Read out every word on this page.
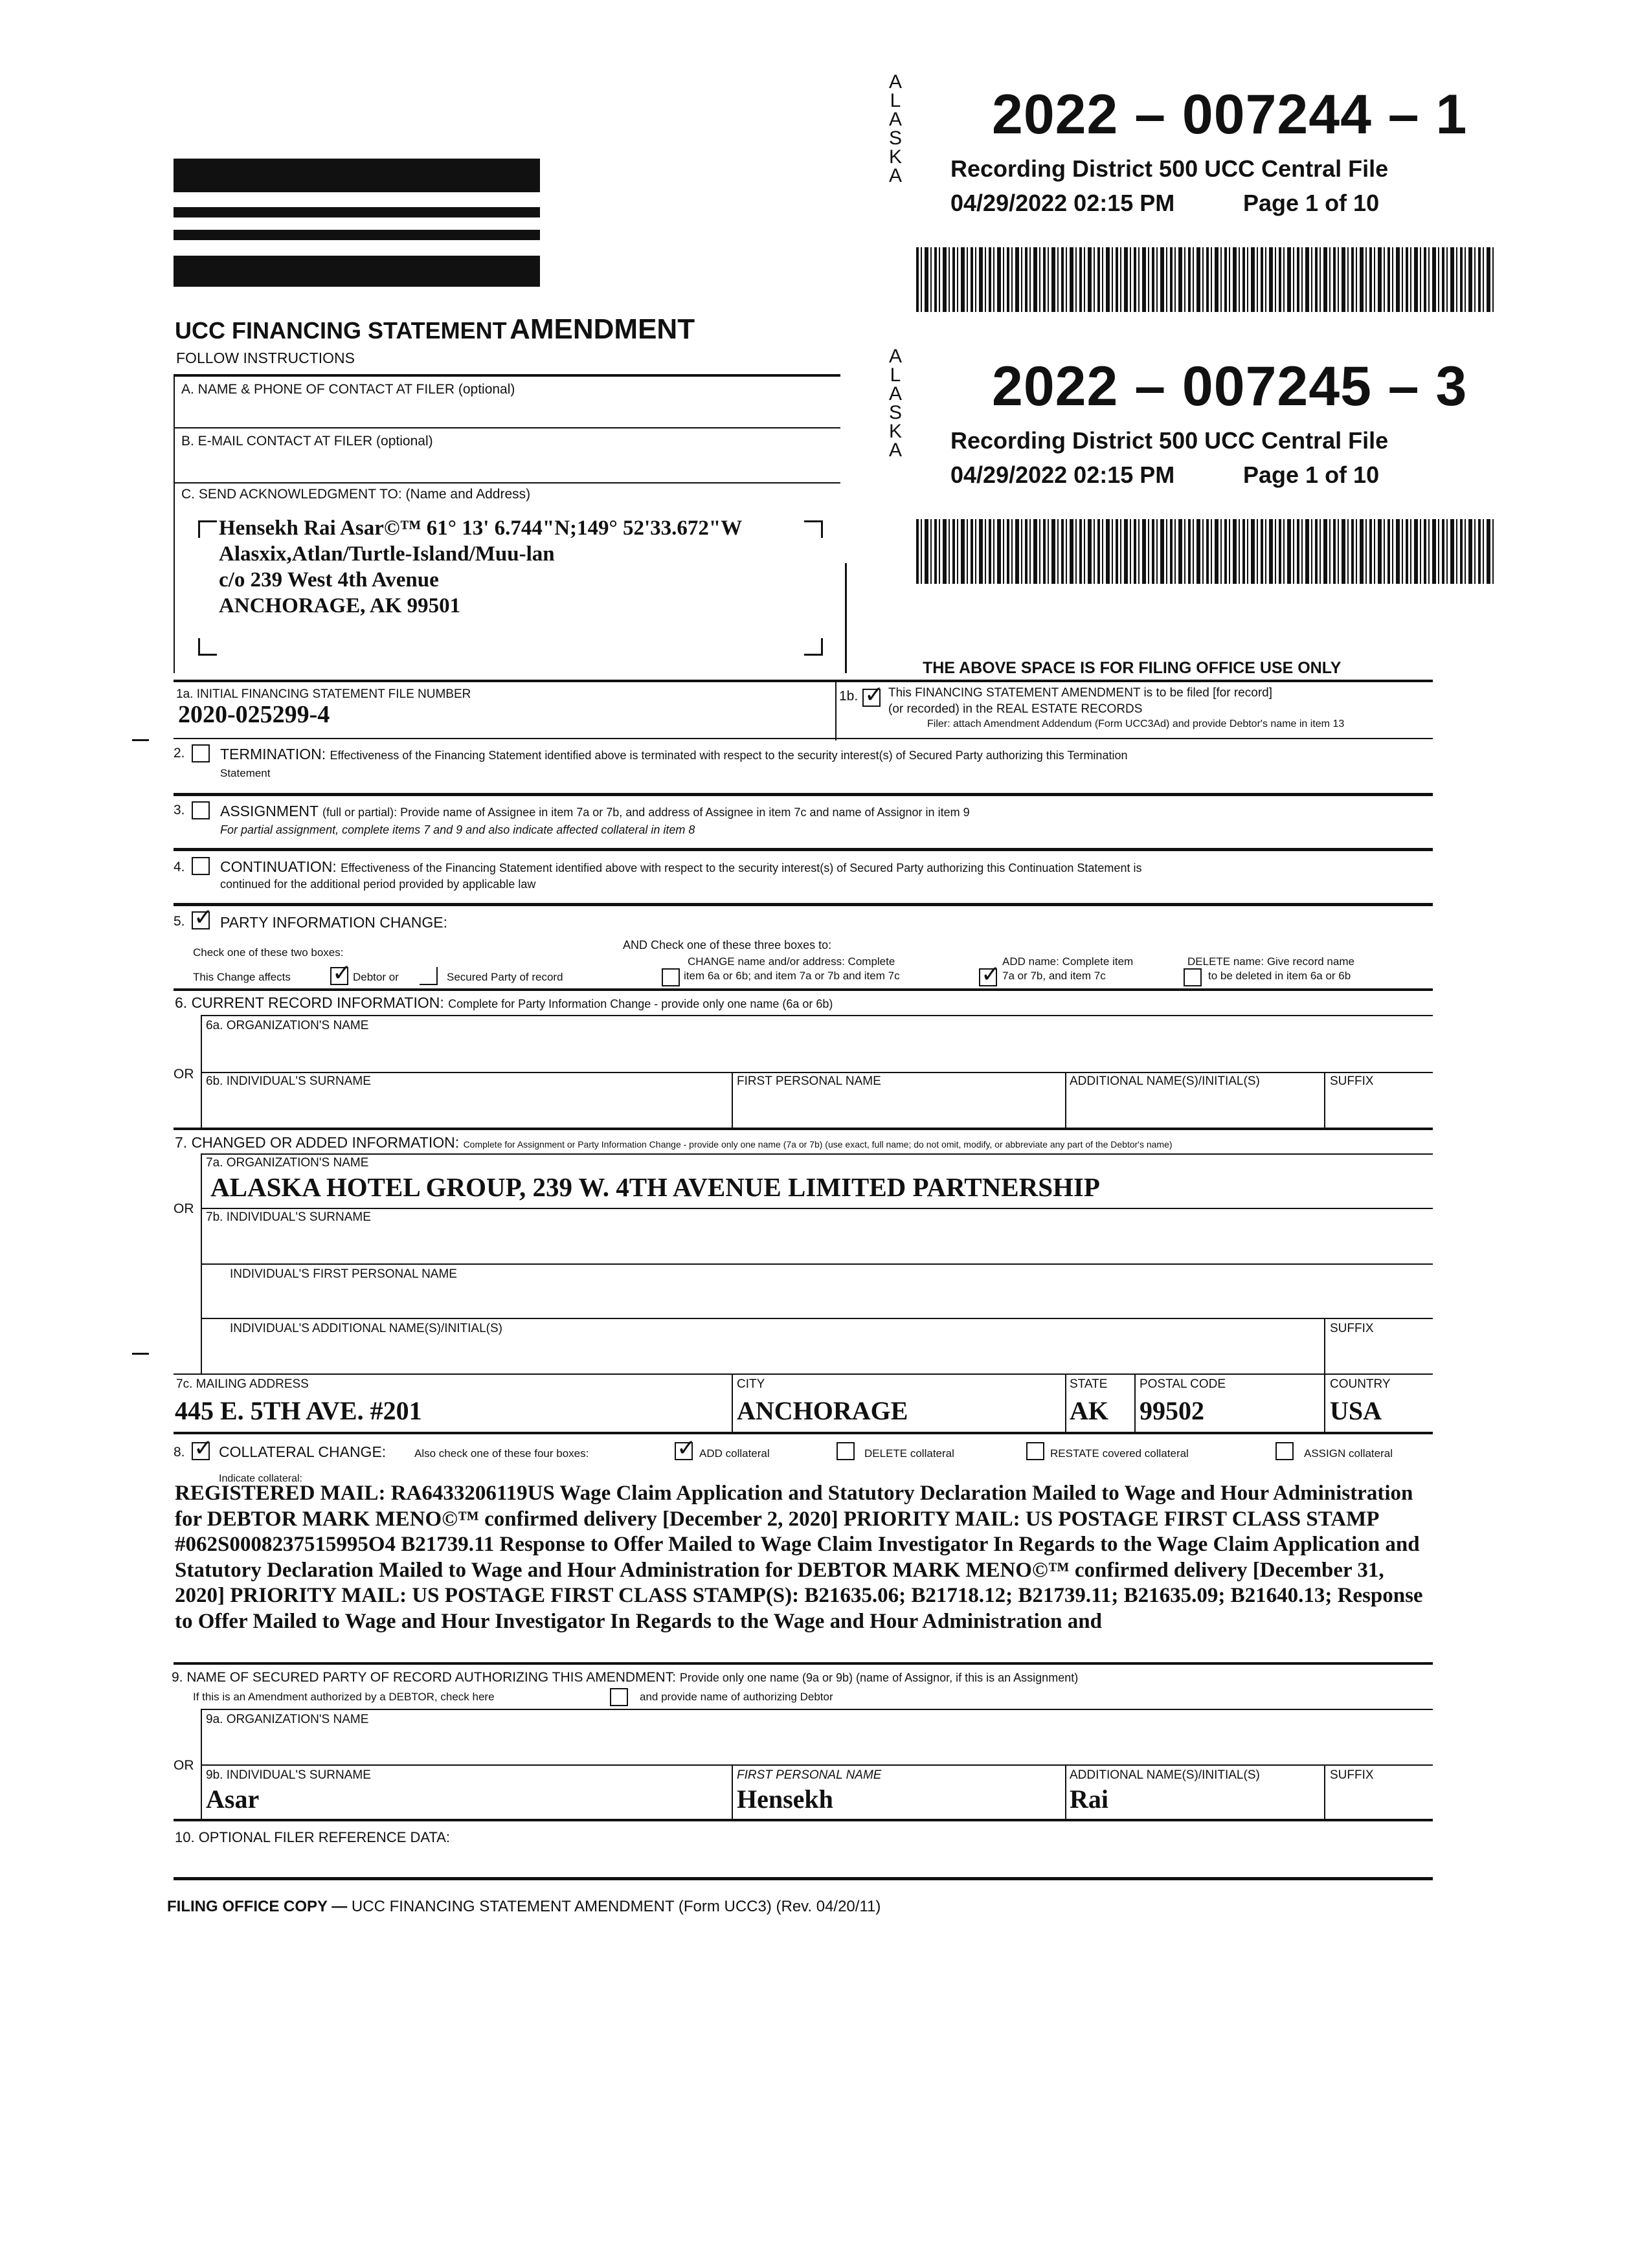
A
L
A
S
K
A
2022 – 007244 – 1
Recording District 500 UCC Central File
04/29/2022 02:15 PM	Page 1 of 10
A
L
A
S
K
A
2022 – 007245 – 3
Recording District 500 UCC Central File
04/29/2022 02:15 PM	Page 1 of 10
UCC FINANCING STATEMENT AMENDMENT
FOLLOW INSTRUCTIONS
A. NAME & PHONE OF CONTACT AT FILER (optional)
B. E-MAIL CONTACT AT FILER (optional)
C. SEND ACKNOWLEDGMENT TO: (Name and Address)
Hensekh Rai Asar©™ 61° 13' 6.744"N;149° 52'33.672"W
Alasxix,Atlan/Turtle-Island/Muu-lan
c/o 239 West 4th Avenue
ANCHORAGE, AK 99501
THE ABOVE SPACE IS FOR FILING OFFICE USE ONLY
1a. INITIAL FINANCING STATEMENT FILE NUMBER
2020-025299-4
1b. ✓ This FINANCING STATEMENT AMENDMENT is to be filed [for record]
(or recorded) in the REAL ESTATE RECORDS
Filer: attach Amendment Addendum (Form UCC3Ad) and provide Debtor's name in item 13
2. TERMINATION: Effectiveness of the Financing Statement identified above is terminated with respect to the security interest(s) of Secured Party authorizing this Termination
Statement
3. ASSIGNMENT (full or partial): Provide name of Assignee in item 7a or 7b, and address of Assignee in item 7c and name of Assignor in item 9
For partial assignment, complete items 7 and 9 and also indicate affected collateral in item 8
4. CONTINUATION: Effectiveness of the Financing Statement identified above with respect to the security interest(s) of Secured Party authorizing this Continuation Statement is
continued for the additional period provided by applicable law
5. ✓ PARTY INFORMATION CHANGE:
Check one of these two boxes:
AND Check one of these three boxes to:
This Change affects ✓	Debtor or	Secured Party of record
CHANGE name and/or address: Complete
item 6a or 6b; and item 7a or 7b and item 7c
✓
ADD name: Complete item
7a or 7b, and item 7c
DELETE name: Give record name
to be deleted in item 6a or 6b
6. CURRENT RECORD INFORMATION: Complete for Party Information Change - provide only one name (6a or 6b)
6a. ORGANIZATION'S NAME
OR 6b. INDIVIDUAL'S SURNAME	FIRST PERSONAL NAME	ADDITIONAL NAME(S)/INITIAL(S)	SUFFIX
7. CHANGED OR ADDED INFORMATION: Complete for Assignment or Party Information Change - provide only one name (7a or 7b) (use exact, full name; do not omit, modify, or abbreviate any part of the Debtor's name)
7a. ORGANIZATION'S NAME
ALASKA HOTEL GROUP, 239 W. 4TH AVENUE LIMITED PARTNERSHIP
OR
7b. INDIVIDUAL'S SURNAME
INDIVIDUAL'S FIRST PERSONAL NAME
INDIVIDUAL'S ADDITIONAL NAME(S)/INITIAL(S)	SUFFIX
7c. MAILING ADDRESS
445 E. 5TH AVE. #201
CITY
ANCHORAGE
STATE
AK
POSTAL CODE
99502
COUNTRY
USA
8. ✓ COLLATERAL CHANGE:	Also check one of these four boxes: ✓	ADD collateral	DELETE collateral	RESTATE covered collateral	ASSIGN collateral
Indicate collateral:
REGISTERED MAIL: RA6433206119US Wage Claim Application and Statutory Declaration Mailed to Wage and Hour Administration for DEBTOR MARK MENO©™ confirmed delivery [December 2, 2020] PRIORITY MAIL: US POSTAGE FIRST CLASS STAMP #062S0008237515995O4 B21739.11 Response to Offer Mailed to Wage Claim Investigator In Regards to the Wage Claim Application and Statutory Declaration Mailed to Wage and Hour Administration for DEBTOR MARK MENO©™ confirmed delivery [December 31, 2020] PRIORITY MAIL: US POSTAGE FIRST CLASS STAMP(S): B21635.06; B21718.12; B21739.11; B21635.09; B21640.13; Response to Offer Mailed to Wage and Hour Investigator In Regards to the Wage and Hour Administration and
9. NAME OF SECURED PARTY OF RECORD AUTHORIZING THIS AMENDMENT: Provide only one name (9a or 9b) (name of Assignor, if this is an Assignment)
If this is an Amendment authorized by a DEBTOR, check here	and provide name of authorizing Debtor
9a. ORGANIZATION'S NAME
OR
9b. INDIVIDUAL'S SURNAME
Asar
FIRST PERSONAL NAME
Hensekh
ADDITIONAL NAME(S)/INITIAL(S)
Rai
SUFFIX
10. OPTIONAL FILER REFERENCE DATA:
FILING OFFICE COPY — UCC FINANCING STATEMENT AMENDMENT (Form UCC3) (Rev. 04/20/11)
